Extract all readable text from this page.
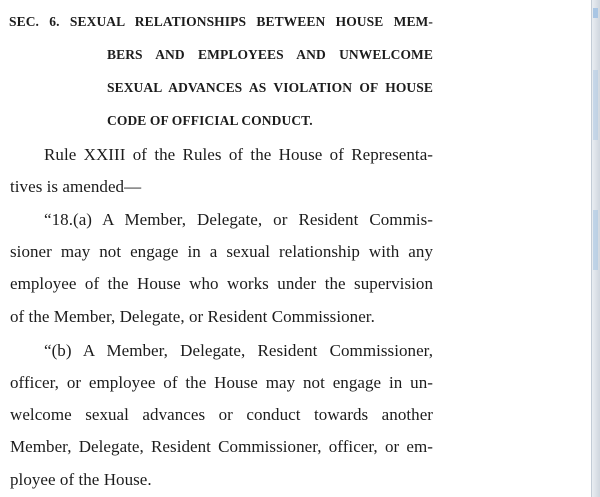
SEC. 6. SEXUAL RELATIONSHIPS BETWEEN HOUSE MEM-
BERS AND EMPLOYEES AND UNWELCOME
SEXUAL ADVANCES AS VIOLATION OF HOUSE
CODE OF OFFICIAL CONDUCT.
Rule XXIII of the Rules of the House of Representa-
tives is amended—
“18.(a) A Member, Delegate, or Resident Commis-
sioner may not engage in a sexual relationship with any
employee of the House who works under the supervision
of the Member, Delegate, or Resident Commissioner.
“(b) A Member, Delegate, Resident Commissioner,
officer, or employee of the House may not engage in un-
welcome sexual advances or conduct towards another
Member, Delegate, Resident Commissioner, officer, or em-
ployee of the House.
